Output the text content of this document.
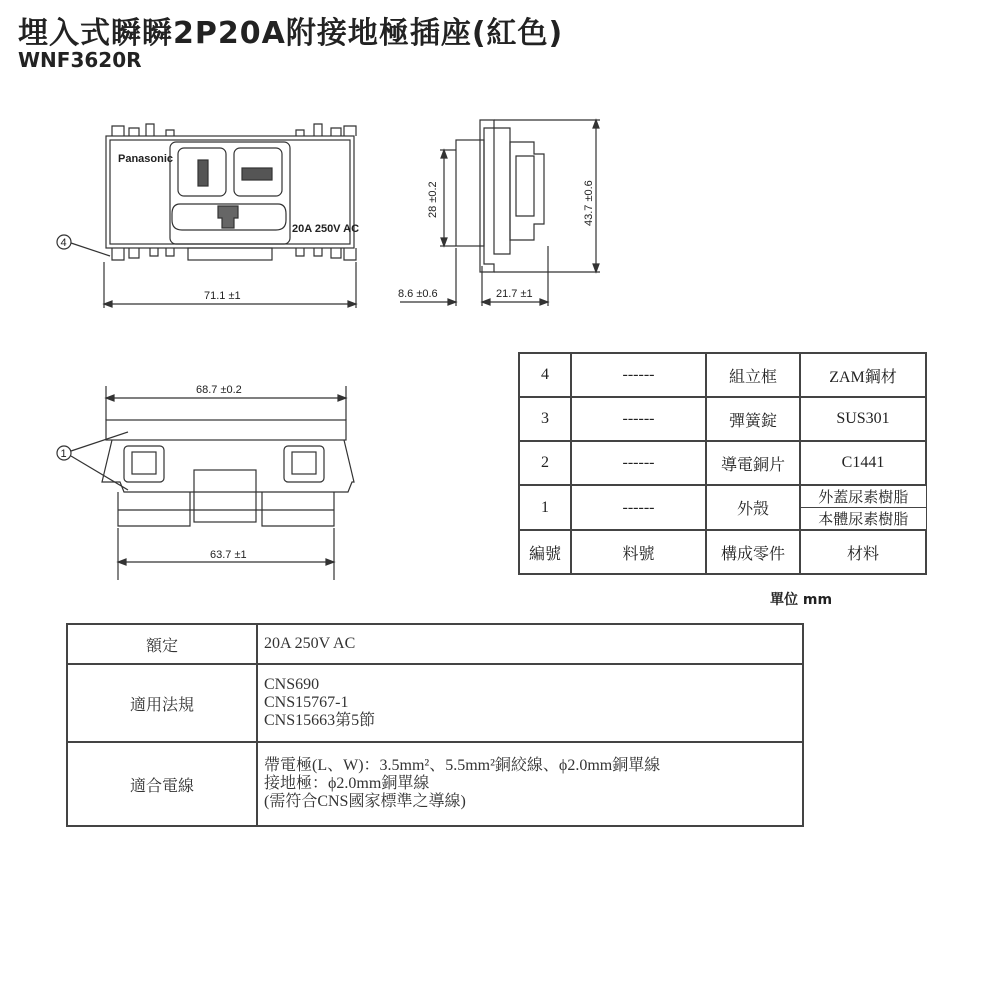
埋入式瞬瞬2P20A附接地極插座(紅色)
WNF3620R
Panasonic
20A 250V AC
71.1 ±1	8.6 ±0.6	21.7 ±1
28 ±0.2	43.7 ±0.6
68.7 ±0.2
63.7 ±1
4
1
4	------	組立框	ZAM鋼材
3	------	彈簧錠	SUS301
2	------	導電銅片	C1441
1	------	外殼	外蓋尿素樹脂
			本體尿素樹脂
編號	料號	構成零件	材料
單位 mm
額定	20A 250V AC
適用法規	CNS690
CNS15767-1
CNS15663第5節

適合電線	帶電極(L、W)：3.5mm²、5.5mm²銅絞線、ϕ2.0mm銅單線
接地極：ϕ2.0mm銅單線
(需符合CNS國家標準之導線)
